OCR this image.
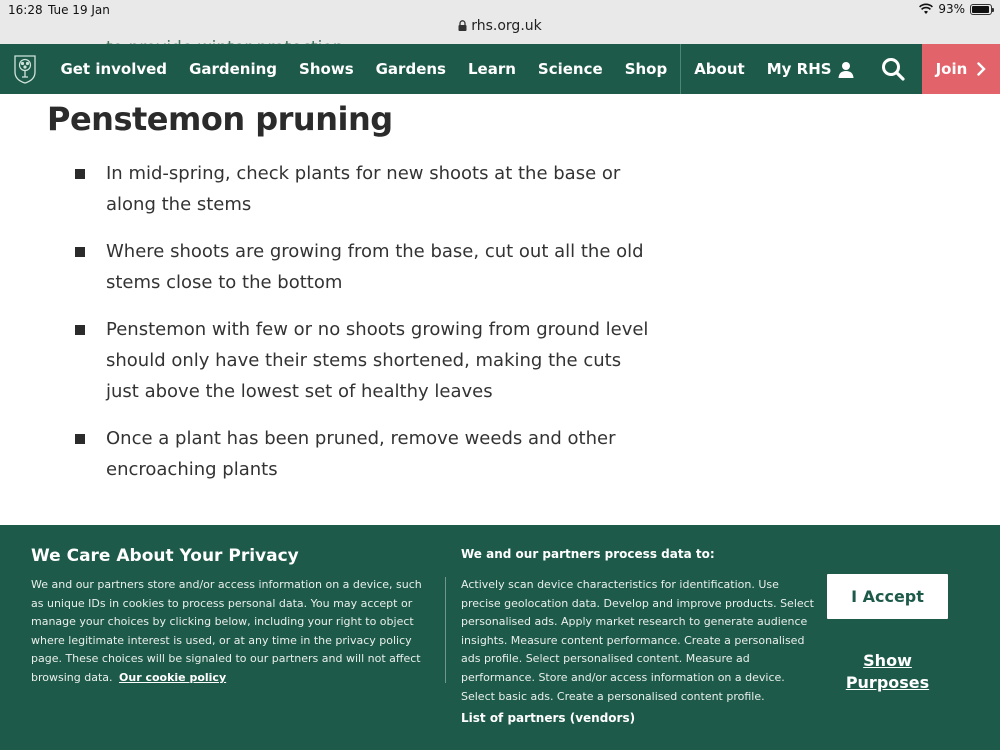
16:28 Tue 19 Jan	93%
rhs.org.uk
Get involved	Gardening	Shows	Gardens	Learn	Science	Shop	About	My RHS	Join
Penstemon pruning
In mid-spring, check plants for new shoots at the base or along the stems
Where shoots are growing from the base, cut out all the old stems close to the bottom
Penstemon with few or no shoots growing from ground level should only have their stems shortened, making the cuts just above the lowest set of healthy leaves
Once a plant has been pruned, remove weeds and other encroaching plants
We Care About Your Privacy
We and our partners store and/or access information on a device, such as unique IDs in cookies to process personal data. You may accept or manage your choices by clicking below, including your right to object where legitimate interest is used, or at any time in the privacy policy page. These choices will be signaled to our partners and will not affect browsing data. Our cookie policy
We and our partners process data to:
Actively scan device characteristics for identification. Use precise geolocation data. Develop and improve products. Select personalised ads. Apply market research to generate audience insights. Measure content performance. Create a personalised ads profile. Select personalised content. Measure ad performance. Store and/or access information on a device. Select basic ads. Create a personalised content profile.
List of partners (vendors)
I Accept
Show Purposes
